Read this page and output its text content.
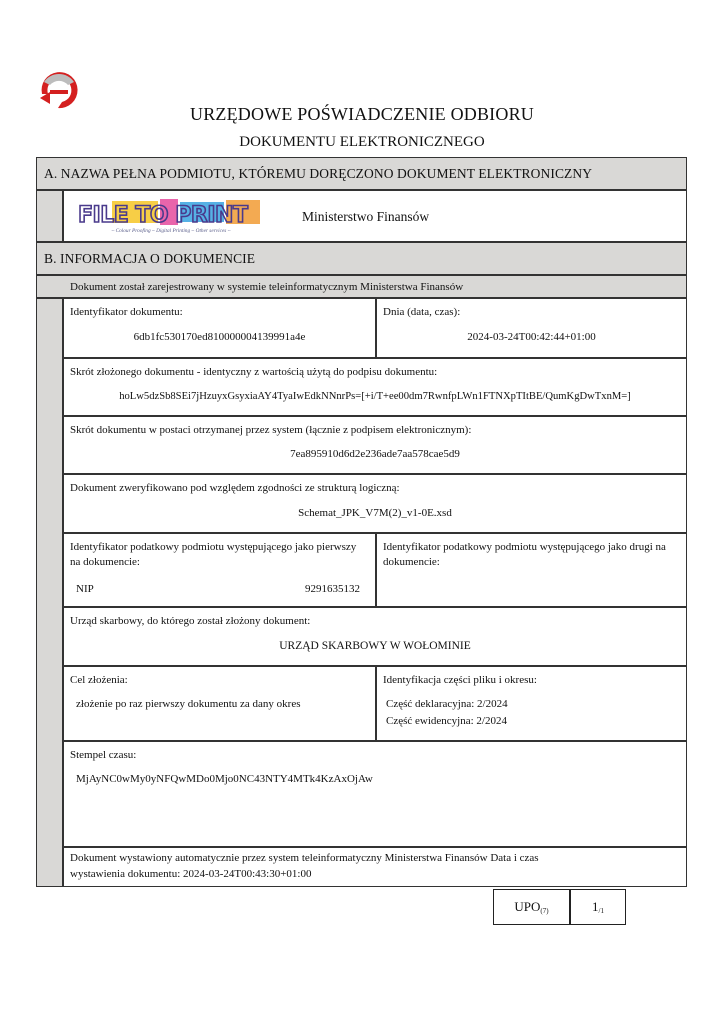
URZĘDOWE POŚWIADCZENIE ODBIORU
DOKUMENTU ELEKTRONICZNEGO
A. NAZWA PEŁNA PODMIOTU, KTÓREMU DORĘCZONO DOKUMENT ELEKTRONICZNY
FILE TO PRINT
~ Colour Proofing ~ Digital Printing ~ Other services ~
Ministerstwo Finansów
B. INFORMACJA O DOKUMENCIE
Dokument został zarejestrowany w systemie teleinformatycznym Ministerstwa Finansów
Identyfikator dokumentu:
6db1fc530170ed810000004139991a4e
Dnia (data, czas):
2024-03-24T00:42:44+01:00
Skrót złożonego dokumentu - identyczny z wartością użytą do podpisu dokumentu:
hoLw5dzSb8SEi7jHzuyxGsyxiaAY4TyaIwEdkNNnrPs=[+i/T+ee00dm7RwnfpLWn1FTNXpTItBE/QumKgDwTxnM=]
Skrót dokumentu w postaci otrzymanej przez system (łącznie z podpisem elektronicznym):
7ea895910d6d2e236ade7aa578cae5d9
Dokument zweryfikowano pod względem zgodności ze strukturą logiczną:
Schemat_JPK_V7M(2)_v1-0E.xsd
Identyfikator podatkowy podmiotu występującego jako pierwszy na dokumencie:
NIP	9291635132
Identyfikator podatkowy podmiotu występującego jako drugi na dokumencie:
Urząd skarbowy, do którego został złożony dokument:
URZĄD SKARBOWY W WOŁOMINIE
Cel złożenia:
złożenie po raz pierwszy dokumentu za dany okres
Identyfikacja części pliku i okresu:
Część deklaracyjna: 2/2024
Część ewidencyjna: 2/2024
Stempel czasu:
MjAyNC0wMy0yNFQwMDo0Mjo0NC43NTY4MTk4KzAxOjAw
Dokument wystawiony automatycznie przez system teleinformatyczny Ministerstwa Finansów Data i czas
wystawienia dokumentu: 2024-03-24T00:43:30+01:00
$UPO_{(7)}$	$1_{/1}$
